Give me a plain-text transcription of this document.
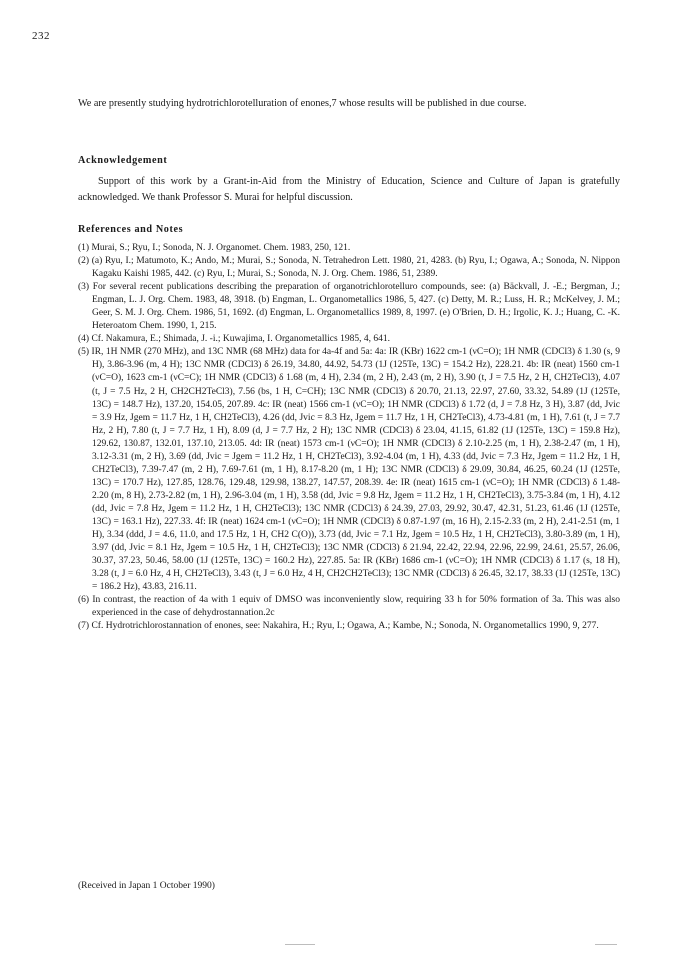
232

We are presently studying hydrotrichlorotelluration of enones,7 whose results will be published in due course.

Acknowledgement

Support of this work by a Grant-in-Aid from the Ministry of Education, Science and Culture of Japan is gratefully acknowledged. We thank Professor S. Murai for helpful discussion.

References and Notes
(1) Murai, S.; Ryu, I.; Sonoda, N. J. Organomet. Chem. 1983, 250, 121.
(2) (a) Ryu, I.; Matumoto, K.; Ando, M.; Murai, S.; Sonoda, N. Tetrahedron Lett. 1980, 21, 4283. (b) Ryu, I.; Ogawa, A.; Sonoda, N. Nippon Kagaku Kaishi 1985, 442. (c) Ryu, I.; Murai, S.; Sonoda, N. J. Org. Chem. 1986, 51, 2389.
(3) For several recent publications describing the preparation of organotrichlorotelluro compounds, see: (a) Bäckvall, J. -E.; Bergman, J.; Engman, L. J. Org. Chem. 1983, 48, 3918. (b) Engman, L. Organometallics 1986, 5, 427. (c) Detty, M. R.; Luss, H. R.; McKelvey, J. M.; Geer, S. M. J. Org. Chem. 1986, 51, 1692. (d) Engman, L. Organometallics 1989, 8, 1997. (e) O'Brien, D. H.; Irgolic, K. J.; Huang, C. -K. Heteroatom Chem. 1990, 1, 215.
(4) Cf. Nakamura, E.; Shimada, J. -i.; Kuwajima, I. Organometallics 1985, 4, 641.
(5) IR, 1H NMR (270 MHz), and 13C NMR (68 MHz) data for 4a-4f and 5a: 4a: IR (KBr) 1622 cm-1 (νC=O); 1H NMR (CDCl3) δ 1.30 (s, 9 H), 3.86-3.96 (m, 4 H); 13C NMR (CDCl3) δ 26.19, 34.80, 44.92, 54.73 (1J (125Te, 13C) = 154.2 Hz), 228.21. 4b: IR (neat) 1560 cm-1 (νC=O), 1623 cm-1 (νC=C); 1H NMR (CDCl3) δ 1.68 (m, 4 H), 2.34 (m, 2 H), 2.43 (m, 2 H), 3.90 (t, J = 7.5 Hz, 2 H, CH2TeCl3), 4.07 (t, J = 7.5 Hz, 2 H, CH2CH2TeCl3), 7.56 (bs, 1 H, C=CH); 13C NMR (CDCl3) δ 20.70, 21.13, 22.97, 27.60, 33.32, 54.89 (1J (125Te, 13C) = 148.7 Hz), 137.20, 154.05, 207.89. 4c: IR (neat) 1566 cm-1 (νC=O); 1H NMR (CDCl3) δ 1.72 (d, J = 7.8 Hz, 3 H), 3.87 (dd, Jvic = 3.9 Hz, Jgem = 11.7 Hz, 1 H, CH2TeCl3), 4.26 (dd, Jvic = 8.3 Hz, Jgem = 11.7 Hz, 1 H, CH2TeCl3), 4.73-4.81 (m, 1 H), 7.61 (t, J = 7.7 Hz, 2 H), 7.80 (t, J = 7.7 Hz, 1 H), 8.09 (d, J = 7.7 Hz, 2 H); 13C NMR (CDCl3) δ 23.04, 41.15, 61.82 (1J (125Te, 13C) = 159.8 Hz), 129.62, 130.87, 132.01, 137.10, 213.05. 4d: IR (neat) 1573 cm-1 (νC=O); 1H NMR (CDCl3) δ 2.10-2.25 (m, 1 H), 2.38-2.47 (m, 1 H), 3.12-3.31 (m, 2 H), 3.69 (dd, Jvic = Jgem = 11.2 Hz, 1 H, CH2TeCl3), 3.92-4.04 (m, 1 H), 4.33 (dd, Jvic = 7.3 Hz, Jgem = 11.2 Hz, 1 H, CH2TeCl3), 7.39-7.47 (m, 2 H), 7.69-7.61 (m, 1 H), 8.17-8.20 (m, 1 H); 13C NMR (CDCl3) δ 29.09, 30.84, 46.25, 60.24 (1J (125Te, 13C) = 170.7 Hz), 127.85, 128.76, 129.48, 129.98, 138.27, 147.57, 208.39. 4e: IR (neat) 1615 cm-1 (νC=O); 1H NMR (CDCl3) δ 1.48-2.20 (m, 8 H), 2.73-2.82 (m, 1 H), 2.96-3.04 (m, 1 H), 3.58 (dd, Jvic = 9.8 Hz, Jgem = 11.2 Hz, 1 H, CH2TeCl3), 3.75-3.84 (m, 1 H), 4.12 (dd, Jvic = 7.8 Hz, Jgem = 11.2 Hz, 1 H, CH2TeCl3); 13C NMR (CDCl3) δ 24.39, 27.03, 29.92, 30.47, 42.31, 51.23, 61.46 (1J (125Te, 13C) = 163.1 Hz), 227.33. 4f: IR (neat) 1624 cm-1 (νC=O); 1H NMR (CDCl3) δ 0.87-1.97 (m, 16 H), 2.15-2.33 (m, 2 H), 2.41-2.51 (m, 1 H), 3.34 (ddd, J = 4.6, 11.0, and 17.5 Hz, 1 H, CH2 C(O)), 3.73 (dd, Jvic = 7.1 Hz, Jgem = 10.5 Hz, 1 H, CH2TeCl3), 3.80-3.89 (m, 1 H), 3.97 (dd, Jvic = 8.1 Hz, Jgem = 10.5 Hz, 1 H, CH2TeCl3); 13C NMR (CDCl3) δ 21.94, 22.42, 22.94, 22.96, 22.99, 24.61, 25.57, 26.06, 30.37, 37.23, 50.46, 58.00 (1J (125Te, 13C) = 160.2 Hz), 227.85. 5a: IR (KBr) 1686 cm-1 (νC=O); 1H NMR (CDCl3) δ 1.17 (s, 18 H), 3.28 (t, J = 6.0 Hz, 4 H, CH2TeCl3), 3.43 (t, J = 6.0 Hz, 4 H, CH2CH2TeCl3); 13C NMR (CDCl3) δ 26.45, 32.17, 38.33 (1J (125Te, 13C) = 186.2 Hz), 43.83, 216.11.
(6) In contrast, the reaction of 4a with 1 equiv of DMSO was inconveniently slow, requiring 33 h for 50% formation of 3a. This was also experienced in the case of dehydrostannation.2c
(7) Cf. Hydrotrichlorostannation of enones, see: Nakahira, H.; Ryu, I.; Ogawa, A.; Kambe, N.; Sonoda, N. Organometallics 1990, 9, 277.
(Received in Japan 1 October 1990)
